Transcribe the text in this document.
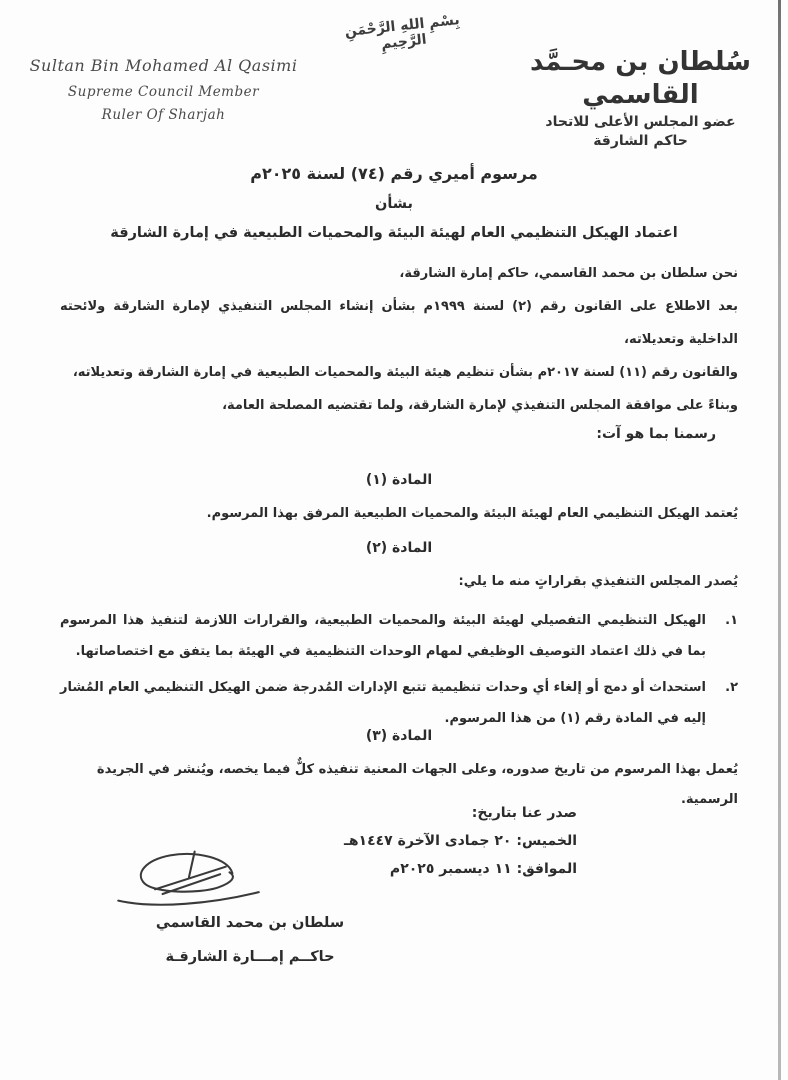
بِسْمِ اللهِ الرَّحْمَنِ الرَّحِيمِ
Sultan Bin Mohamed Al Qasimi
Supreme Council Member
Ruler Of Sharjah
سُلطان بن محـمَّد القاسمي
عضو المجلس الأعلى للاتحاد
حاكم الشارقة
مرسوم أميري رقم (٧٤) لسنة ٢٠٢٥م
بشأن
اعتماد الهيكل التنظيمي العام لهيئة البيئة والمحميات الطبيعية في إمارة الشارقة

نحن سلطان بن محمد القاسمي، حاكم إمارة الشارقة،

بعد الاطلاع على القانون رقم (٢) لسنة ١٩٩٩م بشأن إنشاء المجلس التنفيذي لإمارة الشارقة ولائحته الداخلية وتعديلاته،

والقانون رقم (١١) لسنة ٢٠١٧م بشأن تنظيم هيئة البيئة والمحميات الطبيعية في إمارة الشارقة وتعديلاته،

وبناءً على موافقة المجلس التنفيذي لإمارة الشارقة، ولما تقتضيه المصلحة العامة،

رسمنا بما هو آت:
المادة (١)

يُعتمد الهيكل التنظيمي العام لهيئة البيئة والمحميات الطبيعية المرفق بهذا المرسوم.

المادة (٢)

يُصدر المجلس التنفيذي بقراراتٍ منه ما يلي:

١.

الهيكل التنظيمي التفصيلي لهيئة البيئة والمحميات الطبيعية، والقرارات اللازمة لتنفيذ هذا المرسوم بما في ذلك اعتماد التوصيف الوظيفي لمهام الوحدات التنظيمية في الهيئة بما يتفق مع اختصاصاتها.

٢.

استحداث أو دمج أو إلغاء أي وحدات تنظيمية تتبع الإدارات المُدرجة ضمن الهيكل التنظيمي العام المُشار إليه في المادة رقم (١) من هذا المرسوم.

المادة (٣)

يُعمل بهذا المرسوم من تاريخ صدوره، وعلى الجهات المعنية تنفيذه كلٌّ فيما يخصه، ويُنشر في الجريدة الرسمية.

صدر عنا بتاريخ:
الخميس: ٢٠ جمادى الآخرة ١٤٤٧هـ
الموافق: ١١ ديسمبر ٢٠٢٥م
سلطان بن محمد القاسمي
حاكــم إمـــارة الشارقـة
